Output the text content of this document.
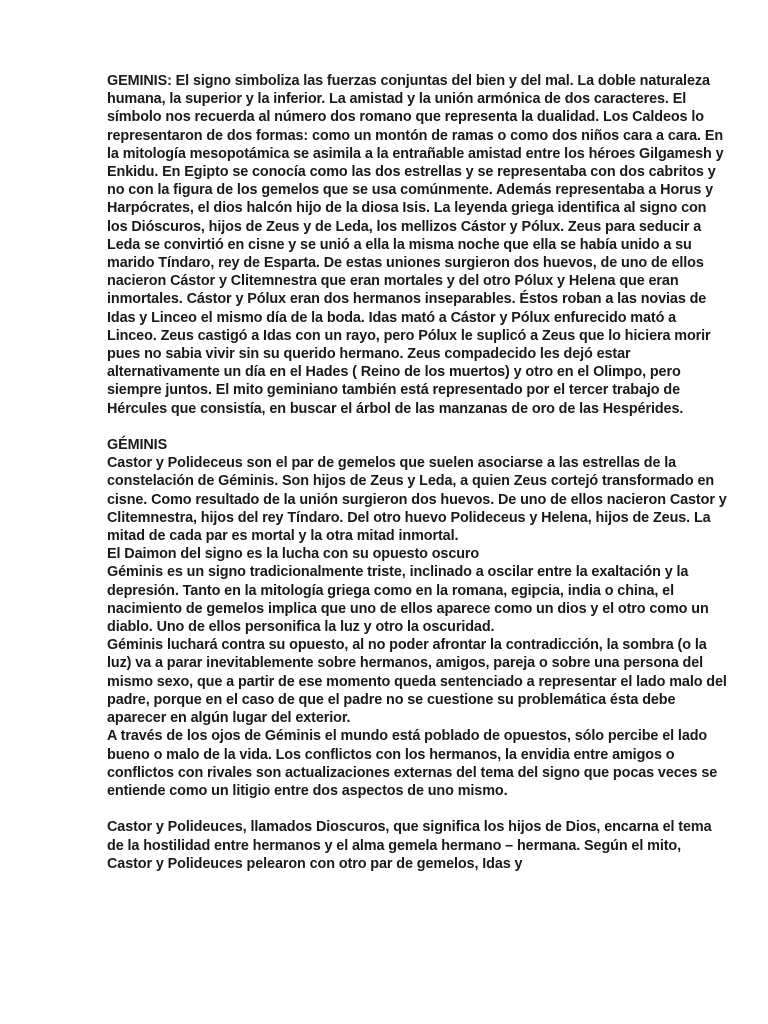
GEMINIS: El signo simboliza las fuerzas conjuntas del bien y del mal. La doble naturaleza humana, la superior y la inferior. La amistad y la unión armónica de dos caracteres. El símbolo nos recuerda al número dos romano que representa la dualidad. Los Caldeos lo representaron de dos formas: como un montón de ramas o como dos niños cara a cara. En la mitología mesopotámica se asimila a la entrañable amistad entre los héroes Gilgamesh y Enkidu. En Egipto se conocía como las dos estrellas y se representaba con dos cabritos y no con la figura de los gemelos que se usa comúnmente. Además representaba a Horus y Harpócrates, el dios halcón hijo de la diosa Isis. La leyenda griega identifica al signo con los Dióscuros, hijos de Zeus y de Leda, los mellizos Cástor y Pólux. Zeus para seducir a Leda se convirtió en cisne y se unió a ella la misma noche que ella se había unido a su marido Tíndaro, rey de Esparta. De estas uniones surgieron dos huevos, de uno de ellos nacieron Cástor y Clitemnestra que eran mortales y del otro Pólux y Helena que eran inmortales. Cástor y Pólux eran dos hermanos inseparables. Éstos roban a las novias de Idas y Linceo el mismo día de la boda. Idas mató a Cástor y Pólux enfurecido mató a Linceo. Zeus castigó a Idas con un rayo, pero Pólux le suplicó a Zeus que lo hiciera morir pues no sabia vivir sin su querido hermano. Zeus compadecido les dejó estar alternativamente un día en el Hades ( Reino de los muertos) y otro en el Olimpo, pero siempre juntos. El mito geminiano también está representado por el tercer trabajo de Hércules que consistía, en buscar el árbol de las manzanas de oro de las Hespérides.

GÉMINIS

Castor y Polideceus son el par de gemelos que suelen asociarse a las estrellas de la constelación de Géminis. Son hijos de Zeus y Leda, a quien Zeus cortejó transformado en cisne. Como resultado de la unión surgieron dos huevos. De uno de ellos nacieron Castor y Clitemnestra, hijos del rey Tíndaro. Del otro huevo Polideceus y Helena, hijos de Zeus. La mitad de cada par es mortal y la otra mitad inmortal.

El Daimon del signo es la lucha con su opuesto oscuro

Géminis es un signo tradicionalmente triste, inclinado a oscilar entre la exaltación y la depresión. Tanto en la mitología griega como en la romana, egipcia, india o china, el nacimiento de gemelos implica que uno de ellos aparece como un dios y el otro como un diablo. Uno de ellos personifica la luz y otro la oscuridad.

Géminis luchará contra su opuesto, al no poder afrontar la contradicción, la sombra (o la luz) va a parar inevitablemente sobre hermanos, amigos, pareja o sobre una persona del mismo sexo, que a partir de ese momento queda sentenciado a representar el lado malo del padre, porque en el caso de que el padre no se cuestione su problemática ésta debe aparecer en algún lugar del exterior.

A través de los ojos de Géminis el mundo está poblado de opuestos, sólo percibe el lado bueno o malo de la vida. Los conflictos con los hermanos, la envidia entre amigos o conflictos con rivales son actualizaciones externas del tema del signo que pocas veces se entiende como un litigio entre dos aspectos de uno mismo.

Castor y Polideuces, llamados Dioscuros, que significa los hijos de Dios, encarna el tema de la hostilidad entre hermanos y el alma gemela hermano – hermana. Según el mito, Castor y Polideuces pelearon con otro par de gemelos, Idas y
